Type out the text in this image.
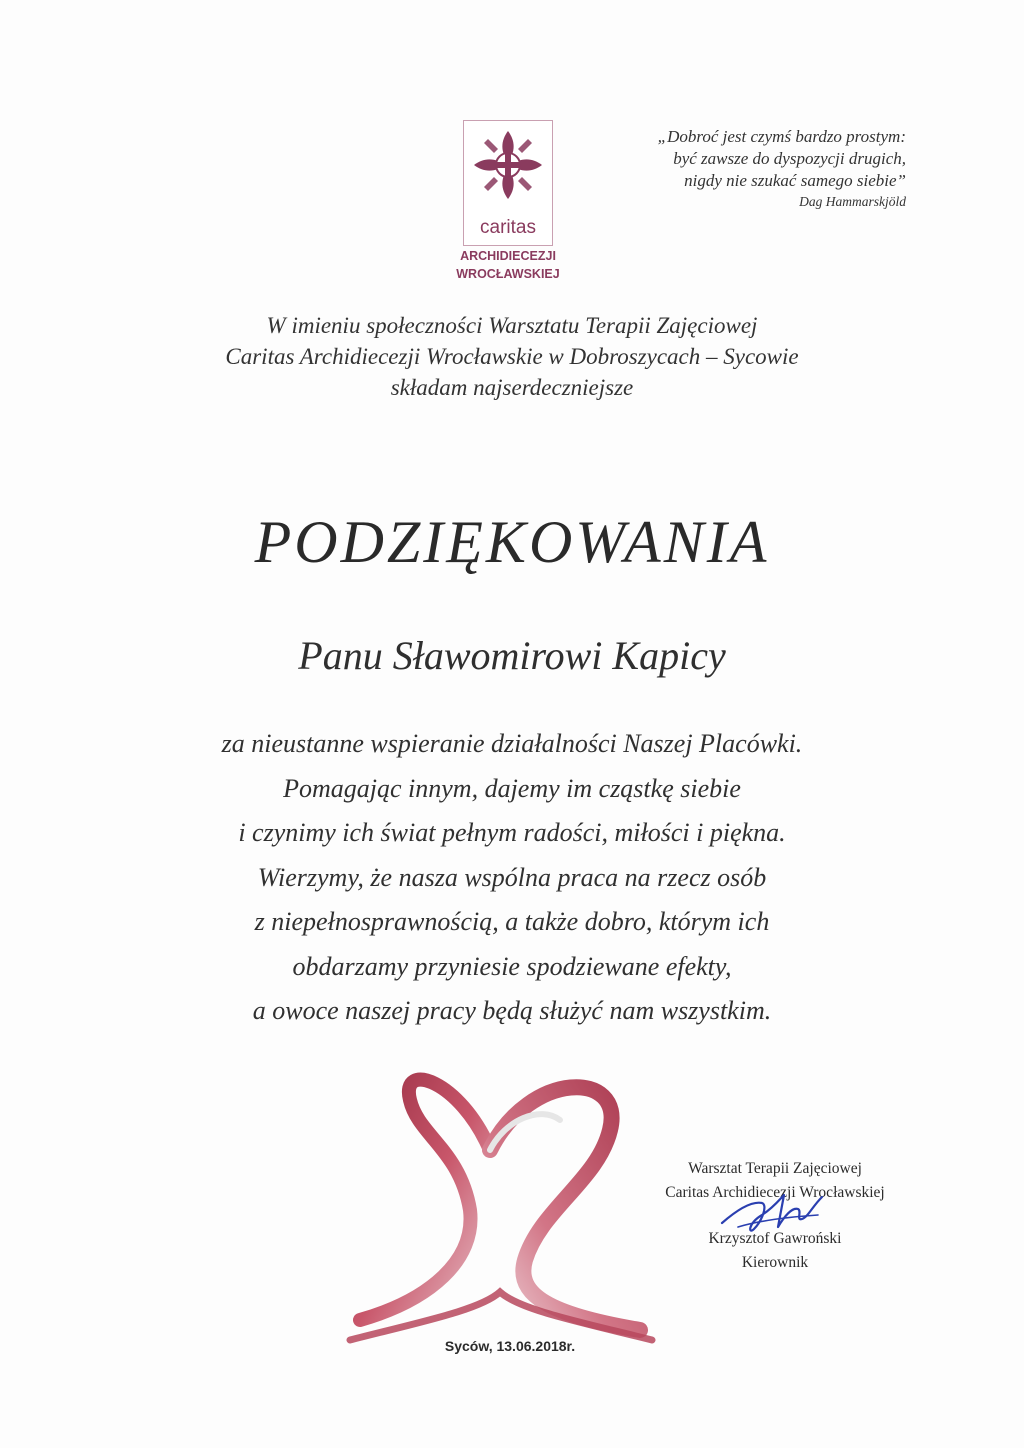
caritas
ARCHIDIECEZJI
WROCŁAWSKIEJ
„Dobroć jest czymś bardzo prostym:
być zawsze do dyspozycji drugich,
nigdy nie szukać samego siebie”
Dag Hammarskjöld
W imieniu społeczności Warsztatu Terapii Zajęciowej
Caritas Archidiecezji Wrocławskie w Dobroszycach – Sycowie
składam najserdeczniejsze
PODZIĘKOWANIA
Panu Sławomirowi Kapicy
za nieustanne wspieranie działalności Naszej Placówki.
Pomagając innym, dajemy im cząstkę siebie
i czynimy ich świat pełnym radości, miłości i piękna.
Wierzymy, że nasza wspólna praca na rzecz osób
z niepełnosprawnością, a także dobro, którym ich
obdarzamy przyniesie spodziewane efekty,
a owoce naszej pracy będą służyć nam wszystkim.
Warsztat Terapii Zajęciowej
Caritas Archidiecezji Wrocławskiej
Krzysztof Gawroński
Kierownik
Syców, 13.06.2018r.
